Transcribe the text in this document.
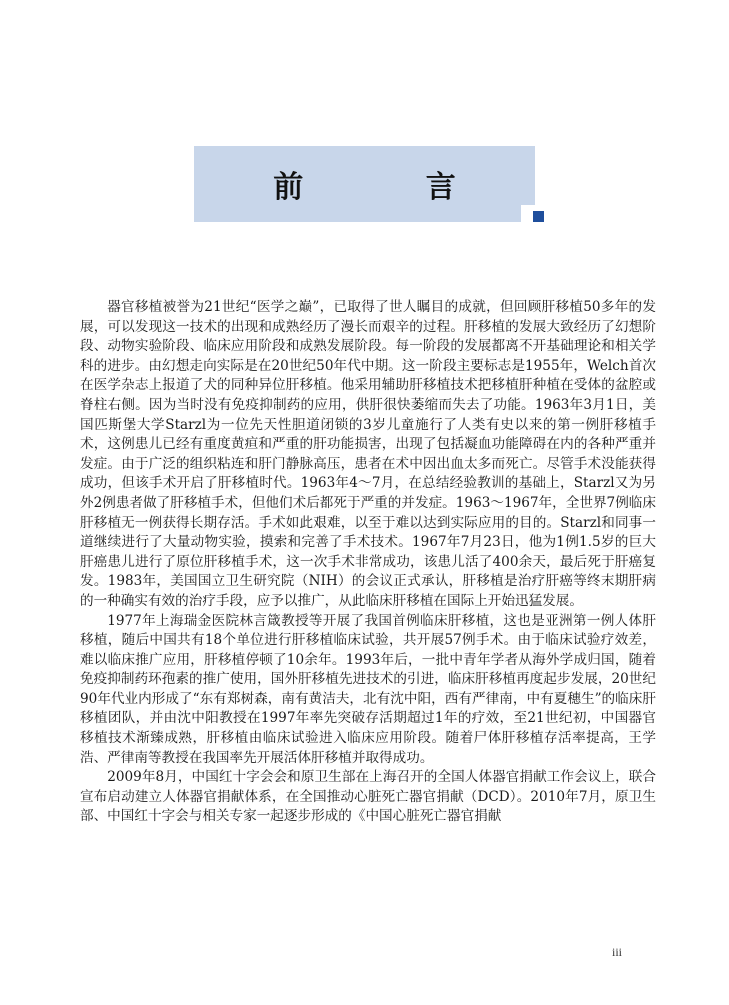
前 言

器官移植被誉为21世纪“医学之巅”，已取得了世人瞩目的成就，但回顾肝移植50多年的发展，可以发现这一技术的出现和成熟经历了漫长而艰辛的过程。肝移植的发展大致经历了幻想阶段、动物实验阶段、临床应用阶段和成熟发展阶段。每一阶段的发展都离不开基础理论和相关学科的进步。由幻想走向实际是在20世纪50年代中期。这一阶段主要标志是1955年，Welch首次在医学杂志上报道了犬的同种异位肝移植。他采用辅助肝移植技术把移植肝种植在受体的盆腔或脊柱右侧。因为当时没有免疫抑制药的应用，供肝很快萎缩而失去了功能。1963年3月1日，美国匹斯堡大学Starzl为一位先天性胆道闭锁的3岁儿童施行了人类有史以来的第一例肝移植手术，这例患儿已经有重度黄疸和严重的肝功能损害，出现了包括凝血功能障碍在内的各种严重并发症。由于广泛的组织粘连和肝门静脉高压，患者在术中因出血太多而死亡。尽管手术没能获得成功，但该手术开启了肝移植时代。1963年4～7月，在总结经验教训的基础上，Starzl又为另外2例患者做了肝移植手术，但他们术后都死于严重的并发症。1963～1967年，全世界7例临床肝移植无一例获得长期存活。手术如此艰难，以至于难以达到实际应用的目的。Starzl和同事一道继续进行了大量动物实验，摸索和完善了手术技术。1967年7月23日，他为1例1.5岁的巨大肝癌患儿进行了原位肝移植手术，这一次手术非常成功，该患儿活了400余天，最后死于肝癌复发。1983年，美国国立卫生研究院（NIH）的会议正式承认，肝移植是治疗肝癌等终末期肝病的一种确实有效的治疗手段，应予以推广，从此临床肝移植在国际上开始迅猛发展。

1977年上海瑞金医院林言箴教授等开展了我国首例临床肝移植，这也是亚洲第一例人体肝移植，随后中国共有18个单位进行肝移植临床试验，共开展57例手术。由于临床试验疗效差，难以临床推广应用，肝移植停顿了10余年。1993年后，一批中青年学者从海外学成归国，随着免疫抑制药环孢素的推广使用，国外肝移植先进技术的引进，临床肝移植再度起步发展，20世纪90年代业内形成了“东有郑树森，南有黄洁夫，北有沈中阳，西有严律南，中有夏穗生”的临床肝移植团队，并由沈中阳教授在1997年率先突破存活期超过1年的疗效，至21世纪初，中国器官移植技术渐臻成熟，肝移植由临床试验进入临床应用阶段。随着尸体肝移植存活率提高，王学浩、严律南等教授在我国率先开展活体肝移植并取得成功。

2009年8月，中国红十字会会和原卫生部在上海召开的全国人体器官捐献工作会议上，联合宣布启动建立人体器官捐献体系，在全国推动心脏死亡器官捐献（DCD）。2010年7月，原卫生部、中国红十字会与相关专家一起逐步形成的《中国心脏死亡器官捐献

iii
